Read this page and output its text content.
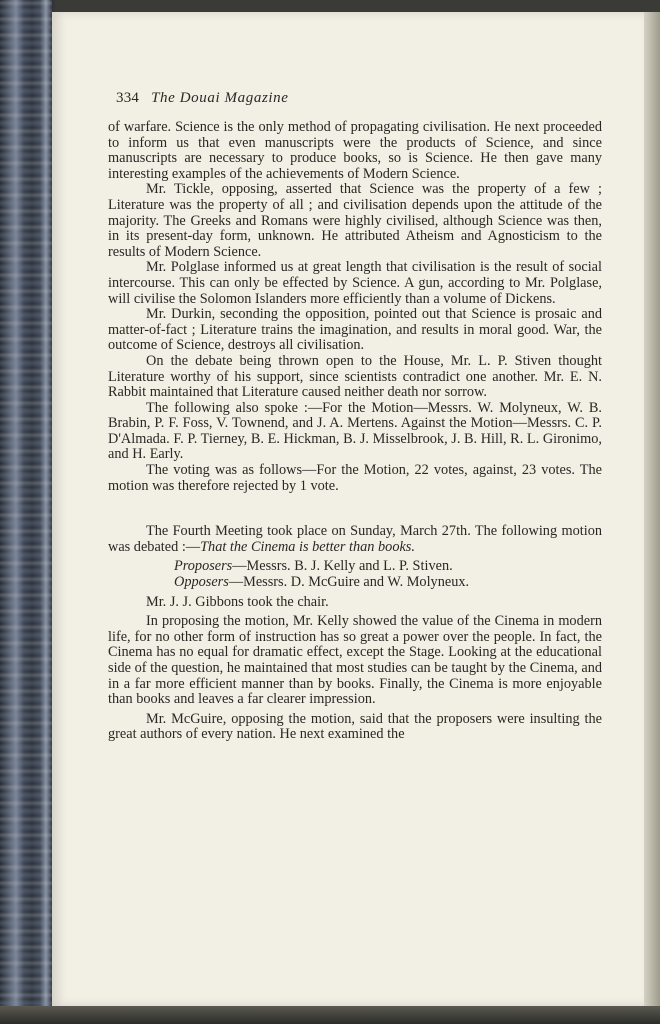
334 The Douai Magazine

of warfare. Science is the only method of propagating civilisation. He next proceeded to inform us that even manuscripts were the products of Science, and since manuscripts are necessary to produce books, so is Science. He then gave many interesting examples of the achievements of Modern Science.

Mr. Tickle, opposing, asserted that Science was the property of a few ; Literature was the property of all ; and civilisation depends upon the attitude of the majority. The Greeks and Romans were highly civilised, although Science was then, in its present-day form, unknown. He attributed Atheism and Agnosticism to the results of Modern Science.

Mr. Polglase informed us at great length that civilisation is the result of social intercourse. This can only be effected by Science. A gun, according to Mr. Polglase, will civilise the Solomon Islanders more efficiently than a volume of Dickens.

Mr. Durkin, seconding the opposition, pointed out that Science is prosaic and matter-of-fact ; Literature trains the imagination, and results in moral good. War, the outcome of Science, destroys all civilisation.

On the debate being thrown open to the House, Mr. L. P. Stiven thought Literature worthy of his support, since scientists contradict one another. Mr. E. N. Rabbit maintained that Literature caused neither death nor sorrow.

The following also spoke :—For the Motion—Messrs. W. Molyneux, W. B. Brabin, P. F. Foss, V. Townend, and J. A. Mertens. Against the Motion—Messrs. C. P. D'Almada. F. P. Tierney, B. E. Hickman, B. J. Misselbrook, J. B. Hill, R. L. Gironimo, and H. Early.

The voting was as follows—For the Motion, 22 votes, against, 23 votes. The motion was therefore rejected by 1 vote.

The Fourth Meeting took place on Sunday, March 27th. The following motion was debated :—That the Cinema is better than books.

Proposers—Messrs. B. J. Kelly and L. P. Stiven.

Opposers—Messrs. D. McGuire and W. Molyneux.

Mr. J. J. Gibbons took the chair.

In proposing the motion, Mr. Kelly showed the value of the Cinema in modern life, for no other form of instruction has so great a power over the people. In fact, the Cinema has no equal for dramatic effect, except the Stage. Looking at the educational side of the question, he maintained that most studies can be taught by the Cinema, and in a far more efficient manner than by books. Finally, the Cinema is more enjoyable than books and leaves a far clearer impression.

Mr. McGuire, opposing the motion, said that the proposers were insulting the great authors of every nation. He next examined the
